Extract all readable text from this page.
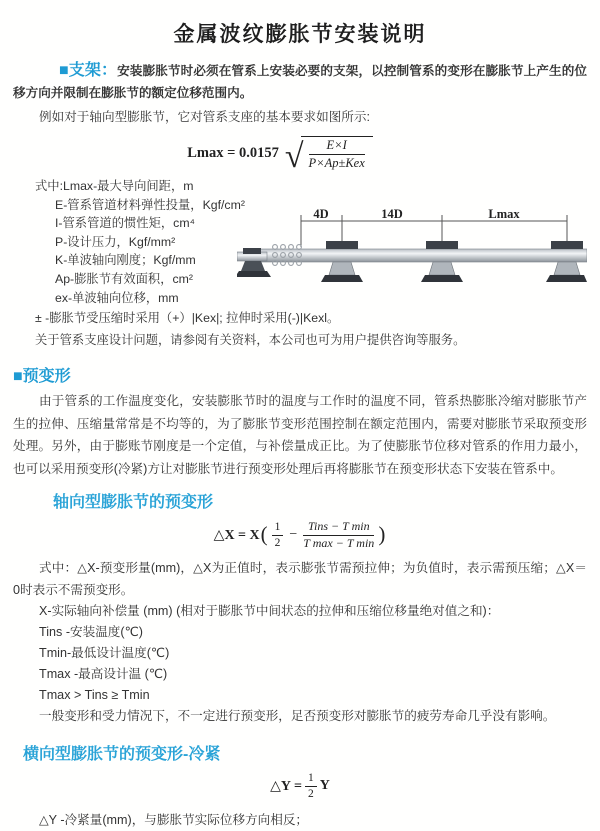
金属波纹膨胀节安装说明

■支架：安装膨胀节时必须在管系上安装必要的支架，以控制管系的变形在膨胀节上产生的位移方向并限制在膨胀节的额定位移范围内。

例如对于轴向型膨胀节，它对管系支座的基本要求如图所示:

Lmax = 0.0157 √
$\frac{E\times I}{\text{P×Ap±Kex}}$
式中:Lmax-最大导向间距，m
E-管系管道材料弹性投量，Kgf/cm²
I-管系管道的惯性矩，cm⁴
P-设计压力，Kgf/mm²
K-单波轴向刚度；Kgf/mm
Ap-膨胀节有效面积，cm²
ex-单波轴向位移，mm
4D	14D	Lmax
± -膨胀节受压缩时采用（+）|Kex|; 拉伸时采用(-)|Kexl。
关于管系支座设计问题，请参阅有关资料，本公司也可为用户提供咨询等服务。
■预变形

由于管系的工作温度变化，安装膨胀节时的温度与工作时的温度不同，管系热膨胀冷缩对膨胀节产生的拉伸、压缩量常常是不均等的，为了膨胀节变形范围控制在额定范围内，需要对膨胀节采取预变形处理。另外，由于膨账节刚度是一个定值，与补偿量成正比。为了使膨胀节位移对管系的作用力最小，也可以采用预变形(冷紧)方让对膨胀节进行预变形处理后再将膨胀节在预变形状态下安装在管系中。

轴向型膨胀节的预变形
△X = X ( $\frac{1}{2} - \frac{\text{Tins − T min}}{\text{T max − T min}}$ )

式中：△X-预变形量(mm)，△X为正值时，表示膨张节需预拉伸；为负值时，表示需预压缩；△X＝0时表示不需预变形。

X-实际轴向补偿量 (mm) (相对于膨胀节中间状态的拉伸和压缩位移量绝对值之和)：
Tins -安装温度(℃)
Tmin-最低设计温度(℃)
Tmax -最高设计温 (℃)
Tmax > Tins ≥ Tmin
一般变形和受力情况下，不一定进行预变形，足否预变形对膨胀节的疲劳寿命几乎没有影响。
横向型膨胀节的预变形-冷紧
△Y = $\frac{1}{2}$ Y
△Y -冷紧量(mm)，与膨胀节实际位移方向相反；
